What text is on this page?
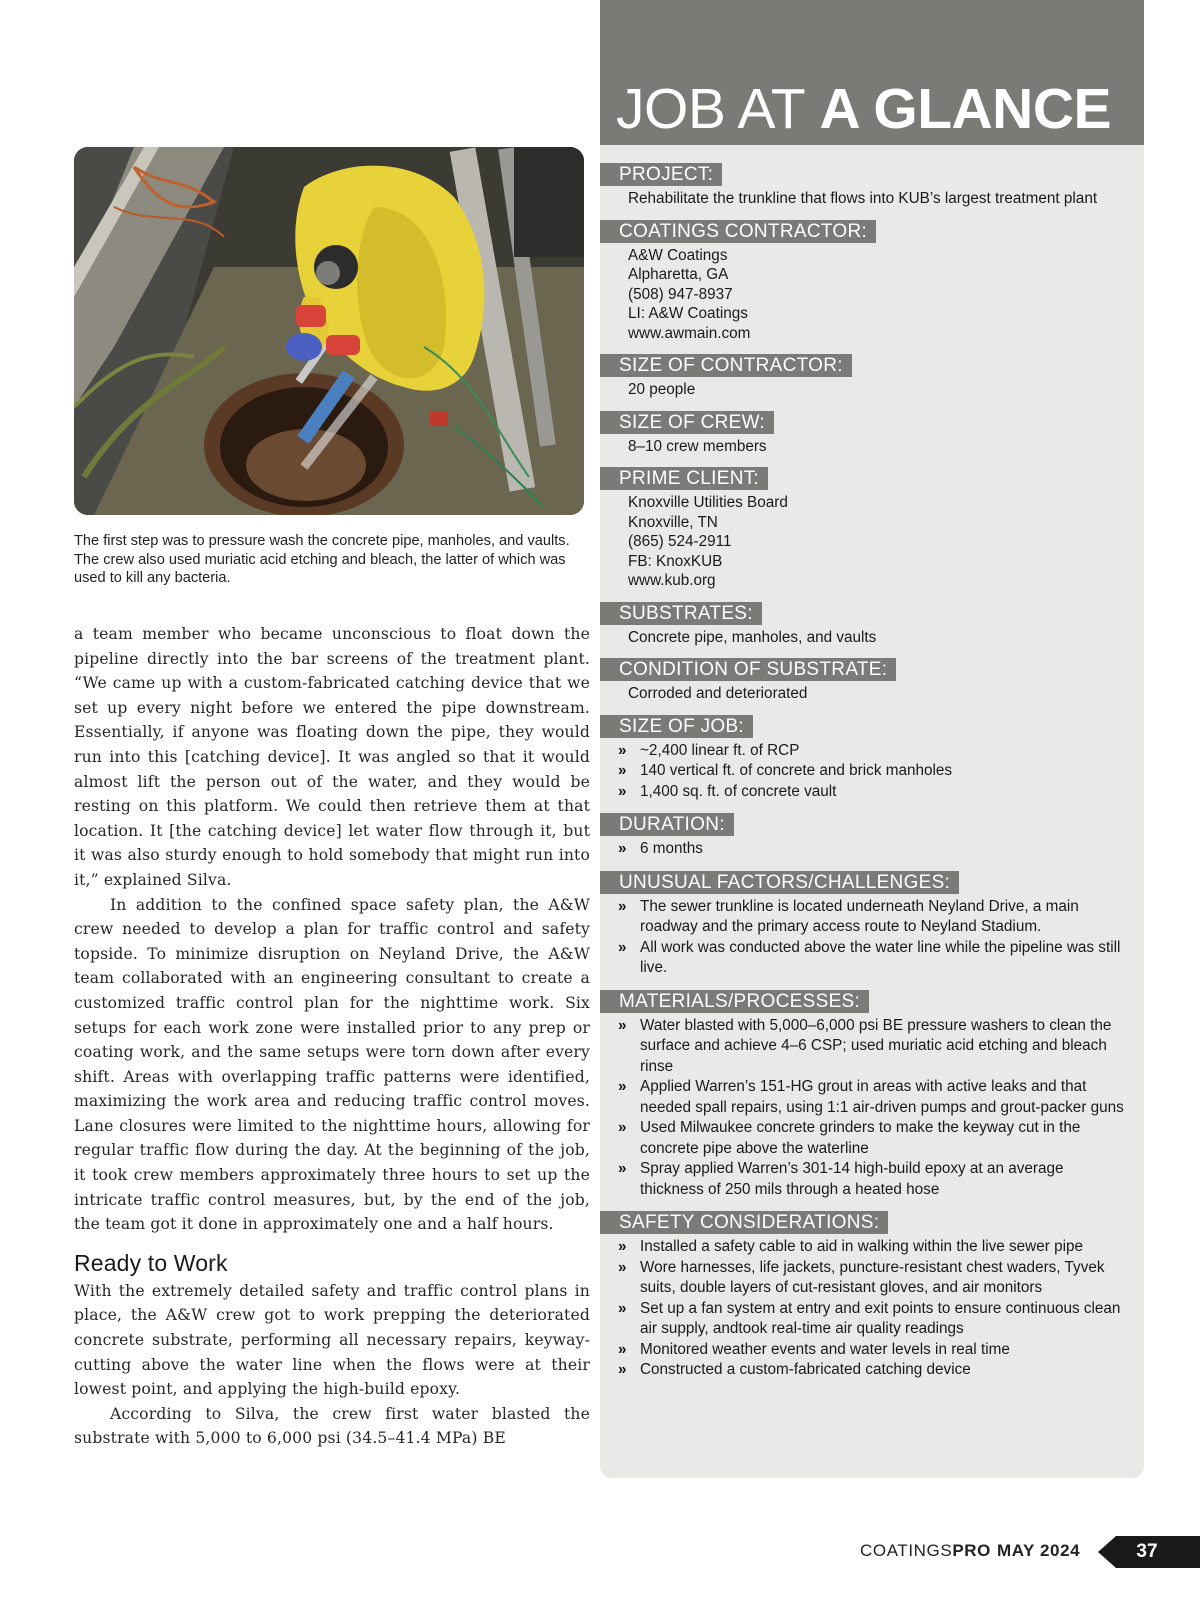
The first step was to pressure wash the concrete pipe, manholes, and vaults. The crew also used muriatic acid etching and bleach, the latter of which was used to kill any bacteria.

a team member who became unconscious to float down the pipeline directly into the bar screens of the treatment plant. “We came up with a custom-fabricated catching device that we set up every night before we entered the pipe downstream. Essentially, if anyone was floating down the pipe, they would run into this [catching device]. It was angled so that it would almost lift the person out of the water, and they would be resting on this platform. We could then retrieve them at that location. It [the catching device] let water flow through it, but it was also sturdy enough to hold somebody that might run into it,” explained Silva.

In addition to the confined space safety plan, the A&W crew needed to develop a plan for traffic control and safety topside. To minimize disruption on Neyland Drive, the A&W team collaborated with an engineering consultant to create a customized traffic control plan for the nighttime work. Six setups for each work zone were installed prior to any prep or coating work, and the same setups were torn down after every shift. Areas with overlapping traffic patterns were identified, maximizing the work area and reducing traffic control moves. Lane closures were limited to the nighttime hours, allowing for regular traffic flow during the day. At the beginning of the job, it took crew members approximately three hours to set up the intricate traffic control measures, but, by the end of the job, the team got it done in approximately one and a half hours.

Ready to Work

With the extremely detailed safety and traffic control plans in place, the A&W crew got to work prepping the deteriorated concrete substrate, performing all necessary repairs, keyway-cutting above the water line when the flows were at their lowest point, and applying the high-build epoxy.

According to Silva, the crew first water blasted the substrate with 5,000 to 6,000 psi (34.5–41.4 MPa) BE

JOB AT A GLANCE
PROJECT:
Rehabilitate the trunkline that flows into KUB’s largest treatment plant
COATINGS CONTRACTOR:
A&W Coatings
Alpharetta, GA
(508) 947-8937
LI: A&W Coatings
www.awmain.com
SIZE OF CONTRACTOR:
20 people
SIZE OF CREW:
8–10 crew members
PRIME CLIENT:
Knoxville Utilities Board
Knoxville, TN
(865) 524-2911
FB: KnoxKUB
www.kub.org
SUBSTRATES:
Concrete pipe, manholes, and vaults
CONDITION OF SUBSTRATE:
Corroded and deteriorated
SIZE OF JOB:
» ~2,400 linear ft. of RCP
» 140 vertical ft. of concrete and brick manholes
» 1,400 sq. ft. of concrete vault
DURATION:
» 6 months
UNUSUAL FACTORS/CHALLENGES:
» The sewer trunkline is located underneath Neyland Drive, a main roadway and the primary access route to Neyland Stadium.
» All work was conducted above the water line while the pipeline was still live.
MATERIALS/PROCESSES:
» Water blasted with 5,000–6,000 psi BE pressure washers to clean the surface and achieve 4–6 CSP; used muriatic acid etching and bleach rinse
» Applied Warren’s 151-HG grout in areas with active leaks and that needed spall repairs, using 1:1 air-driven pumps and grout-packer guns
» Used Milwaukee concrete grinders to make the keyway cut in the concrete pipe above the waterline
» Spray applied Warren’s 301-14 high-build epoxy at an average thickness of 250 mils through a heated hose
SAFETY CONSIDERATIONS:
» Installed a safety cable to aid in walking within the live sewer pipe
» Wore harnesses, life jackets, puncture-resistant chest waders, Tyvek suits, double layers of cut-resistant gloves, and air monitors
» Set up a fan system at entry and exit points to ensure continuous clean air supply, andtook real-time air quality readings
» Monitored weather events and water levels in real time
» Constructed a custom-fabricated catching device
COATINGSPRO MAY 2024	37
